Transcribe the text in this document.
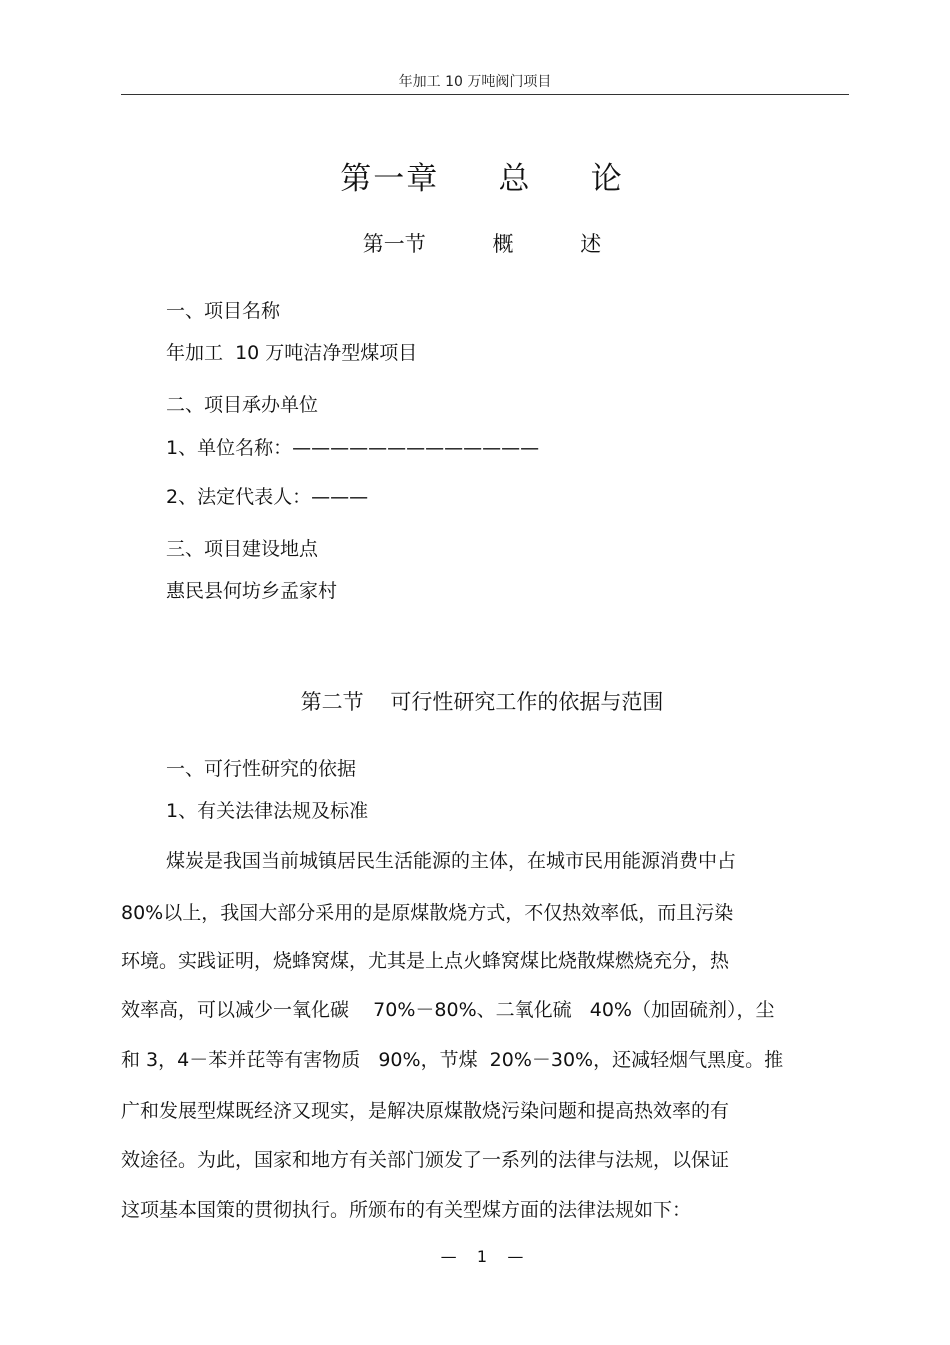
年加工 10 万吨阀门项目
第一章     总     论
第一节          概          述
一、项目名称
年加工  10 万吨洁净型煤项目
二、项目承办单位
1、单位名称：—————————————
2、法定代表人：———
三、项目建设地点
惠民县何坊乡孟家村
第二节    可行性研究工作的依据与范围
一、可行性研究的依据
1、有关法律法规及标准
煤炭是我国当前城镇居民生活能源的主体，在城市民用能源消费中占
80%以上，我国大部分采用的是原煤散烧方式，不仅热效率低，而且污染
环境。实践证明，烧蜂窝煤，尤其是上点火蜂窝煤比烧散煤燃烧充分，热
效率高，可以减少一氧化碳    70%－80%、二氧化硫   40%（加固硫剂），尘
和 3，4－苯并芘等有害物质   90%，节煤  20%－30%，还减轻烟气黑度。推
广和发展型煤既经济又现实，是解决原煤散烧污染问题和提高热效率的有
效途径。为此，国家和地方有关部门颁发了一系列的法律与法规，以保证
这项基本国策的贯彻执行。所颁布的有关型煤方面的法律法规如下：
—    1    —
